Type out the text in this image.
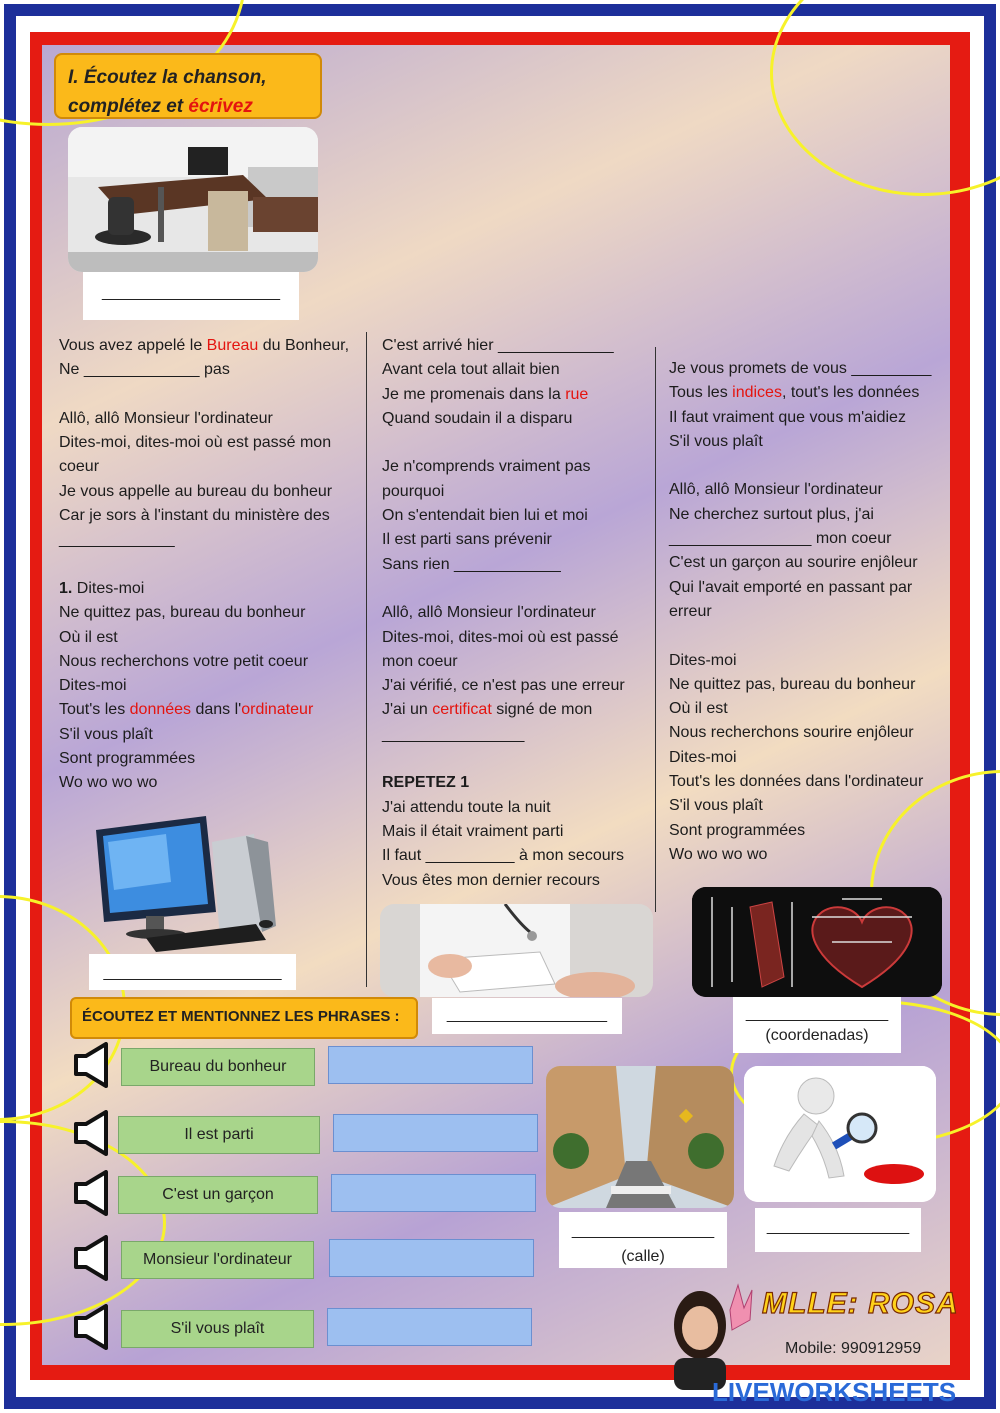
I. Écoutez la chanson,
complétez et écrivez
____________________
Vous avez appelé le Bureau du Bonheur,
Ne _____________ pas
Allô, allô Monsieur l'ordinateur
Dites-moi, dites-moi où est passé mon
coeur
Je vous appelle au bureau du bonheur
Car je sors à l'instant du ministère des
_____________
1. Dites-moi
Ne quittez pas, bureau du bonheur
Où il est
Nous recherchons votre petit coeur
Dites-moi
Tout's les données dans l'ordinateur
S'il vous plaît
Sont programmées
Wo wo wo wo
C'est arrivé hier _____________
Avant cela tout allait bien
Je me promenais dans la rue
Quand soudain il a disparu
Je n'comprends vraiment pas
pourquoi
On s'entendait bien lui et moi
Il est parti sans prévenir
Sans rien ____________
Allô, allô Monsieur l'ordinateur
Dites-moi, dites-moi où est passé
mon coeur
J'ai vérifié, ce n'est pas une erreur
J'ai un certificat signé de mon
________________
REPETEZ 1
J'ai attendu toute la nuit
Mais il était vraiment parti
Il faut __________ à mon secours
Vous êtes mon dernier recours
Je vous promets de vous _________
Tous les indices, tout's les données
Il faut vraiment que vous m'aidiez
S'il vous plaît
Allô, allô Monsieur l'ordinateur
Ne cherchez surtout plus, j'ai
________________ mon coeur
C'est un garçon au sourire enjôleur
Qui l'avait emporté en passant par
erreur
Dites-moi
Ne quittez pas, bureau du bonheur
Où il est
Nous recherchons sourire enjôleur
Dites-moi
Tout's les données dans l'ordinateur
S'il vous plaît
Sont programmées
Wo wo wo wo
____________________
__________________	________________
(coordenadas)
ÉCOUTEZ ET MENTIONNEZ LES PHRASES :
Bureau du bonheur
Il est parti
C'est un garçon
Monsieur l'ordinateur
S'il vous plaît
________________
(calle)
________________
MLLE: ROSA
Mobile: 990912959
LIVEWORKSHEETS
